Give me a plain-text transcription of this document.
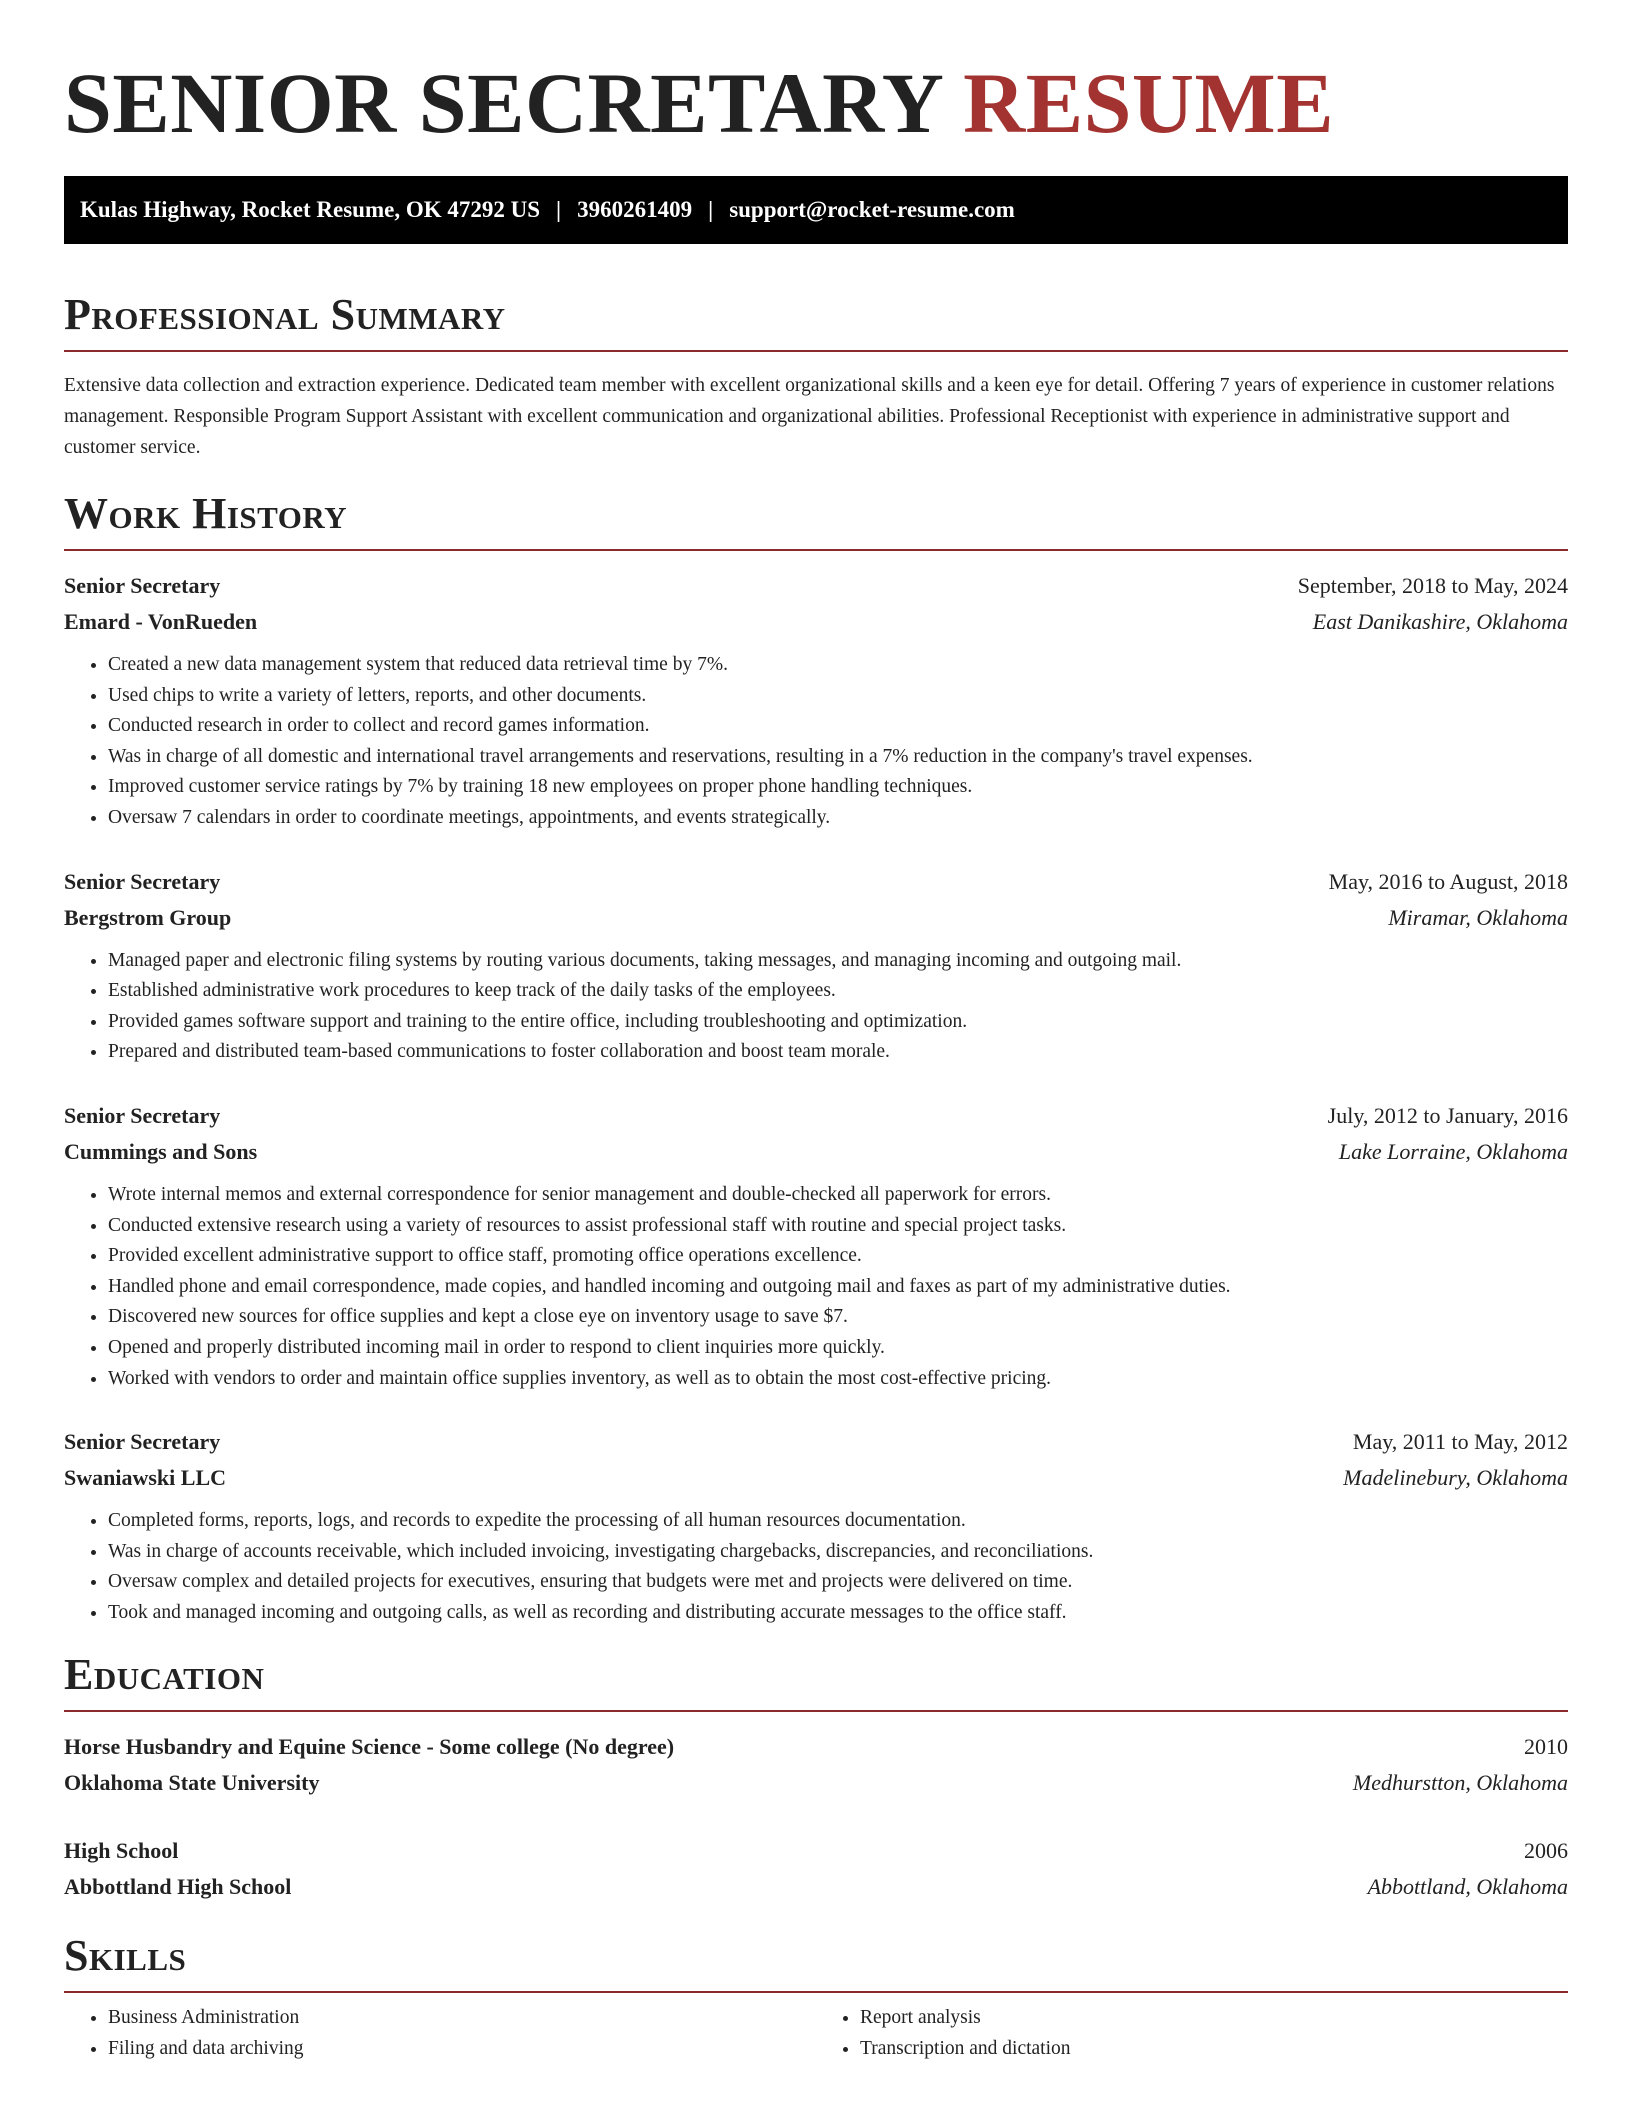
SENIOR SECRETARY RESUME
Kulas Highway, Rocket Resume, OK 47292 US | 3960261409 | support@rocket-resume.com
Professional Summary

Extensive data collection and extraction experience. Dedicated team member with excellent organizational skills and a keen eye for detail. Offering 7 years of experience in customer relations management. Responsible Program Support Assistant with excellent communication and organizational abilities. Professional Receptionist with experience in administrative support and customer service.

Work History
Senior Secretary	September, 2018 to May, 2024
Emard - VonRueden	East Danikashire, Oklahoma
• Created a new data management system that reduced data retrieval time by 7%.
• Used chips to write a variety of letters, reports, and other documents.
• Conducted research in order to collect and record games information.
• Was in charge of all domestic and international travel arrangements and reservations, resulting in a 7% reduction in the company's travel expenses.
• Improved customer service ratings by 7% by training 18 new employees on proper phone handling techniques.
• Oversaw 7 calendars in order to coordinate meetings, appointments, and events strategically.
Senior Secretary	May, 2016 to August, 2018
Bergstrom Group	Miramar, Oklahoma
• Managed paper and electronic filing systems by routing various documents, taking messages, and managing incoming and outgoing mail.
• Established administrative work procedures to keep track of the daily tasks of the employees.
• Provided games software support and training to the entire office, including troubleshooting and optimization.
• Prepared and distributed team-based communications to foster collaboration and boost team morale.
Senior Secretary	July, 2012 to January, 2016
Cummings and Sons	Lake Lorraine, Oklahoma
• Wrote internal memos and external correspondence for senior management and double-checked all paperwork for errors.
• Conducted extensive research using a variety of resources to assist professional staff with routine and special project tasks.
• Provided excellent administrative support to office staff, promoting office operations excellence.
• Handled phone and email correspondence, made copies, and handled incoming and outgoing mail and faxes as part of my administrative duties.
• Discovered new sources for office supplies and kept a close eye on inventory usage to save $7.
• Opened and properly distributed incoming mail in order to respond to client inquiries more quickly.
• Worked with vendors to order and maintain office supplies inventory, as well as to obtain the most cost-effective pricing.
Senior Secretary	May, 2011 to May, 2012
Swaniawski LLC	Madelinebury, Oklahoma
• Completed forms, reports, logs, and records to expedite the processing of all human resources documentation.
• Was in charge of accounts receivable, which included invoicing, investigating chargebacks, discrepancies, and reconciliations.
• Oversaw complex and detailed projects for executives, ensuring that budgets were met and projects were delivered on time.
• Took and managed incoming and outgoing calls, as well as recording and distributing accurate messages to the office staff.
Education
Horse Husbandry and Equine Science - Some college (No degree)	2010
Oklahoma State University	Medhurstton, Oklahoma
High School	2006
Abbottland High School	Abbottland, Oklahoma
Skills
• Business Administration
• Filing and data archiving
• Report analysis
• Transcription and dictation
